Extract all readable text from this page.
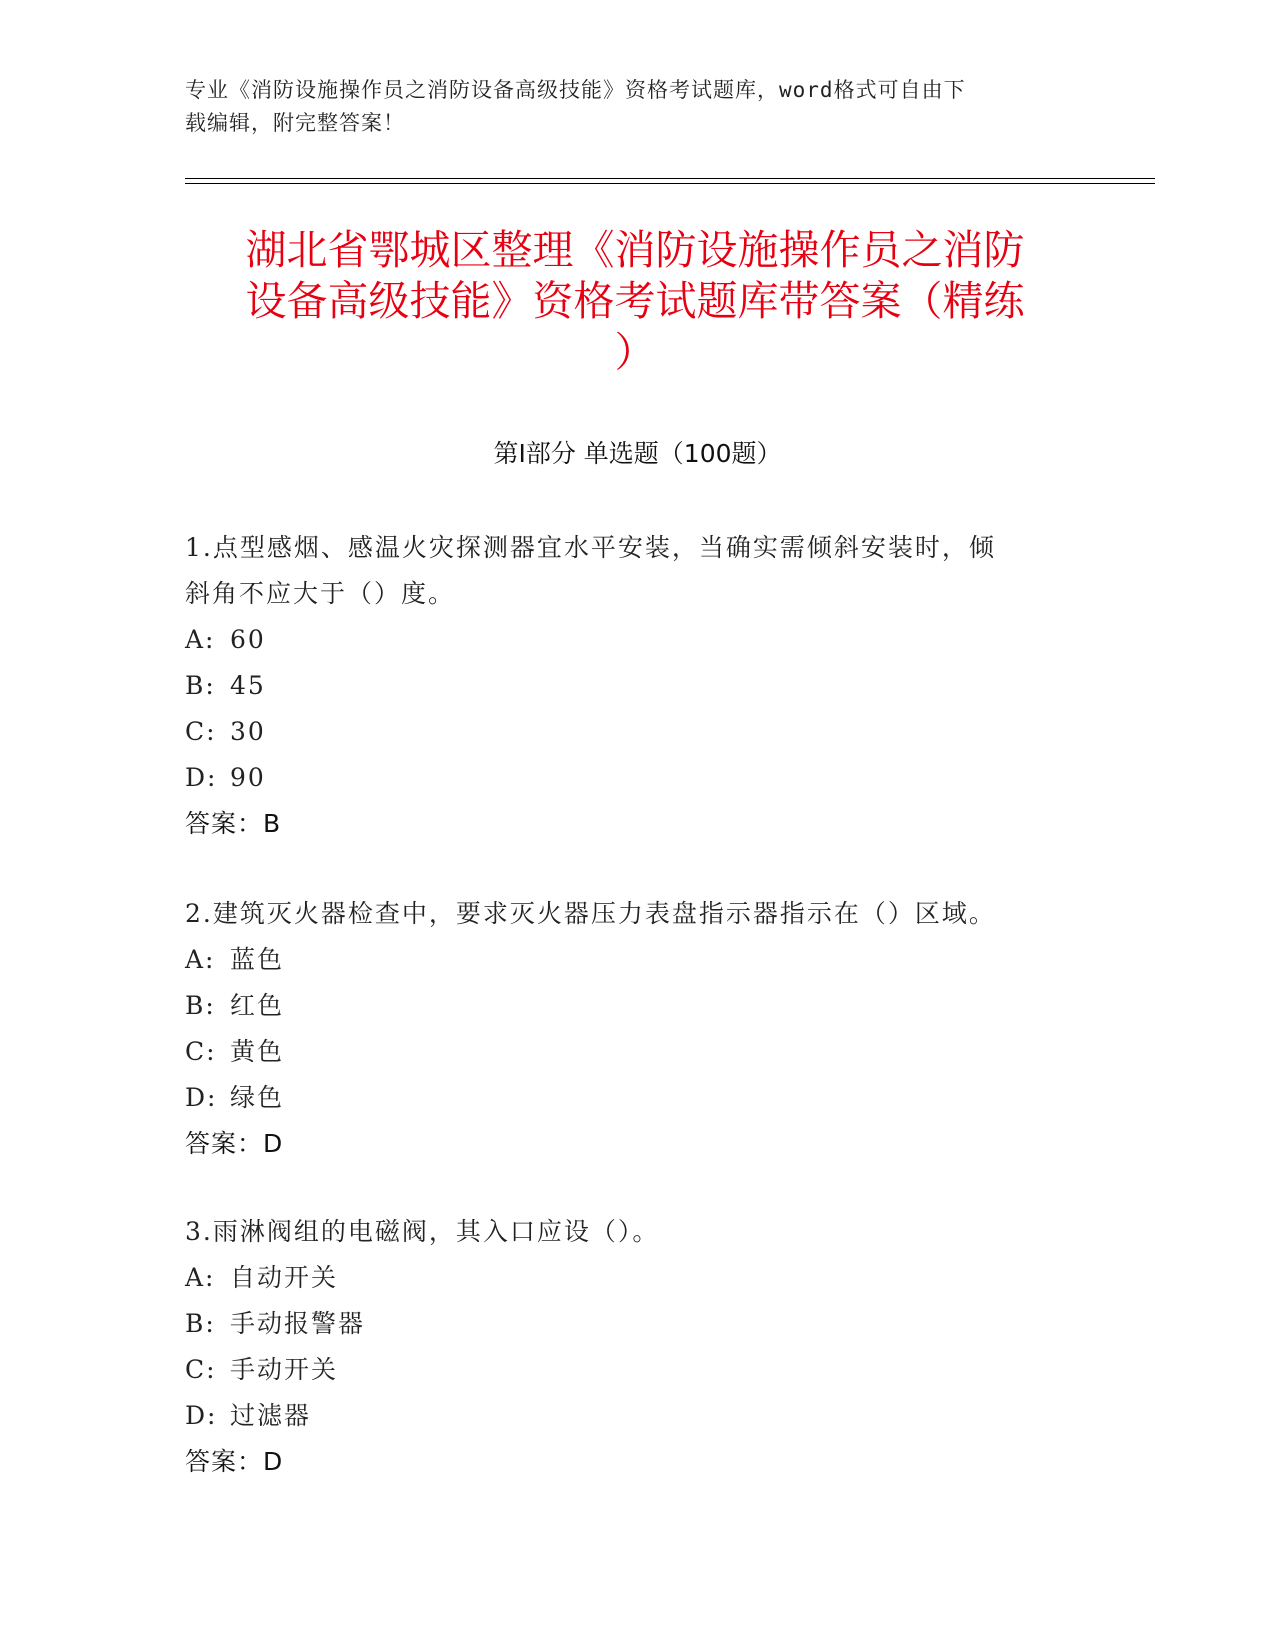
专业《消防设施操作员之消防设备高级技能》资格考试题库，word格式可自由下
载编辑，附完整答案！
湖北省鄂城区整理《消防设施操作员之消防
设备高级技能》资格考试题库带答案（精练
）
第Ⅰ部分 单选题（100题）
1.点型感烟、感温火灾探测器宜水平安装，当确实需倾斜安装时，倾
斜角不应大于（）度。
A: 60
B: 45
C: 30
D: 90
答案：B
2.建筑灭火器检查中，要求灭火器压力表盘指示器指示在（）区域。
A: 蓝色
B: 红色
C: 黄色
D: 绿色
答案：D
3.雨淋阀组的电磁阀，其入口应设（）。
A: 自动开关
B: 手动报警器
C: 手动开关
D: 过滤器
答案：D
